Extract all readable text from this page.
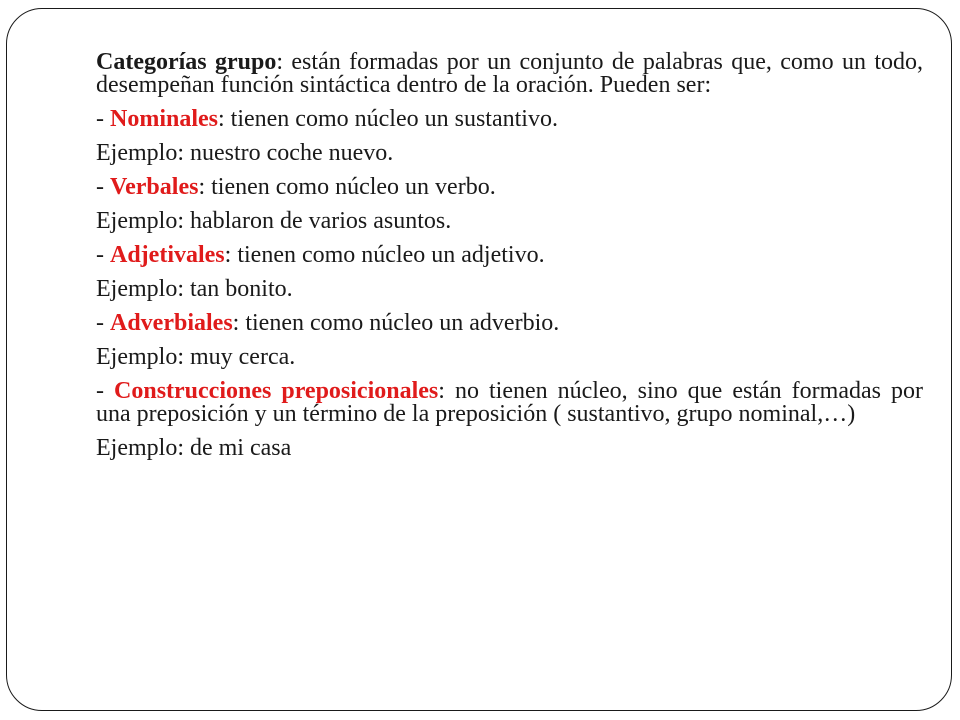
Categorías grupo: están formadas por un conjunto de palabras que, como un todo, desempeñan función sintáctica dentro de la oración. Pueden ser:

- Nominales: tienen como núcleo un sustantivo.

Ejemplo: nuestro coche nuevo.

- Verbales: tienen como núcleo un verbo.

Ejemplo: hablaron de varios asuntos.

- Adjetivales: tienen como núcleo un adjetivo.

Ejemplo: tan bonito.

- Adverbiales: tienen como núcleo un adverbio.

Ejemplo: muy cerca.

- Construcciones preposicionales: no tienen núcleo, sino que están formadas por una preposición y un término de la preposición ( sustantivo, grupo nominal,…)

Ejemplo: de mi casa
